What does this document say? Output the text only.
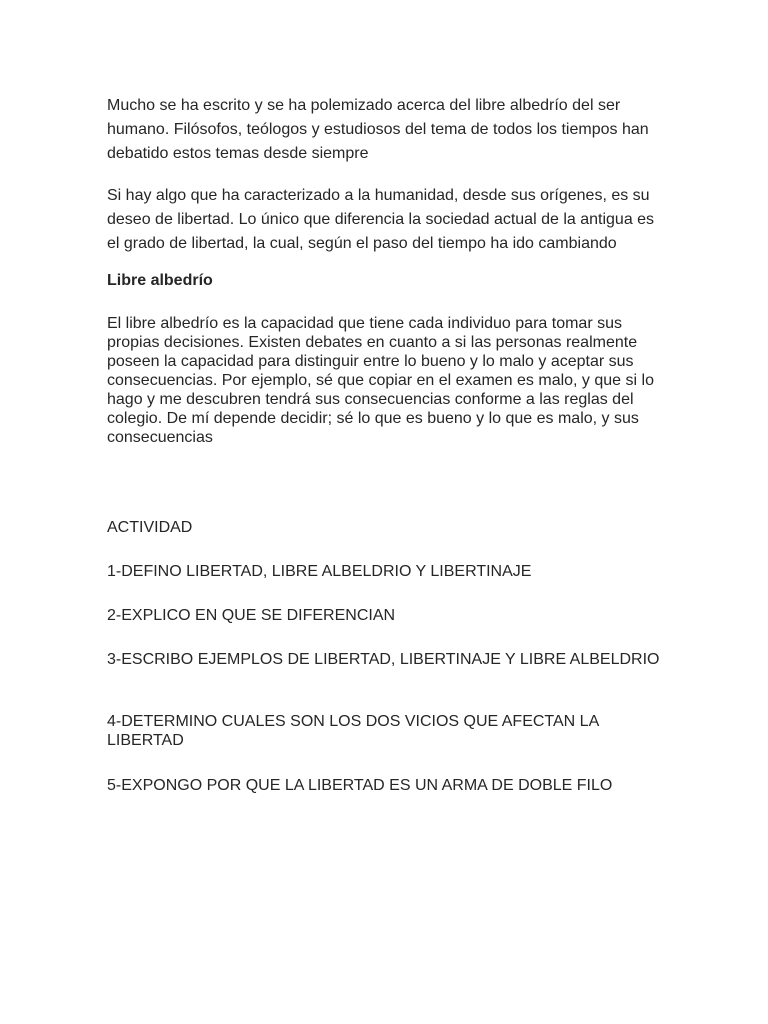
Mucho se ha escrito y se ha polemizado acerca del libre albedrío del ser humano. Filósofos, teólogos y estudiosos del tema de todos los tiempos han debatido estos temas desde siempre

Si hay algo que ha caracterizado a la humanidad, desde sus orígenes, es su deseo de libertad. Lo único que diferencia la sociedad actual de la antigua es el grado de libertad, la cual, según el paso del tiempo ha ido cambiando

Libre albedrío

El libre albedrío es la capacidad que tiene cada individuo para tomar sus propias decisiones. Existen debates en cuanto a si las personas realmente poseen la capacidad para distinguir entre lo bueno y lo malo y aceptar sus consecuencias. Por ejemplo, sé que copiar en el examen es malo, y que si lo hago y me descubren tendrá sus consecuencias conforme a las reglas del colegio. De mí depende decidir; sé lo que es bueno y lo que es malo, y sus consecuencias

ACTIVIDAD

1-DEFINO LIBERTAD, LIBRE ALBELDRIO Y LIBERTINAJE

2-EXPLICO EN QUE SE DIFERENCIAN

3-ESCRIBO EJEMPLOS DE LIBERTAD, LIBERTINAJE Y LIBRE ALBELDRIO

4-DETERMINO CUALES SON LOS DOS VICIOS QUE AFECTAN LA LIBERTAD

5-EXPONGO POR QUE LA LIBERTAD ES UN ARMA DE DOBLE FILO
